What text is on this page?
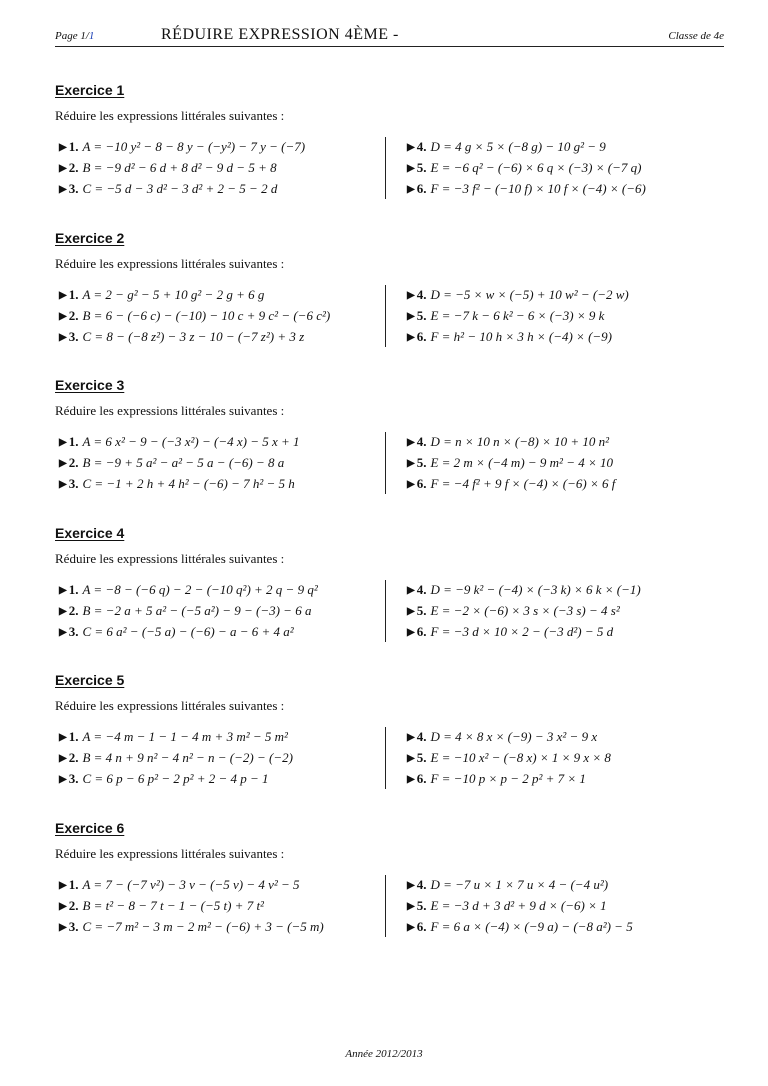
Page 1/1	RÉDUIRE EXPRESSION 4ÈME -	Classe de 4e
Exercice 1
Réduire les expressions littérales suivantes :
▶ 1. A = −10 y² − 8 − 8 y − (−y²) − 7 y − (−7)
▶ 2. B = −9 d² − 6 d + 8 d² − 9 d − 5 + 8
▶ 3. C = −5 d − 3 d² − 3 d² + 2 − 5 − 2 d
▶ 4. D = 4 g × 5 × (−8 g) − 10 g² − 9
▶ 5. E = −6 q² − (−6) × 6 q × (−3) × (−7 q)
▶ 6. F = −3 f² − (−10 f) × 10 f × (−4) × (−6)
Exercice 2
Réduire les expressions littérales suivantes :
▶ 1. A = 2 − g² − 5 + 10 g² − 2 g + 6 g
▶ 2. B = 6 − (−6 c) − (−10) − 10 c + 9 c² − (−6 c²)
▶ 3. C = 8 − (−8 z²) − 3 z − 10 − (−7 z²) + 3 z
▶ 4. D = −5 × w × (−5) + 10 w² − (−2 w)
▶ 5. E = −7 k − 6 k² − 6 × (−3) × 9 k
▶ 6. F = h² − 10 h × 3 h × (−4) × (−9)
Exercice 3
Réduire les expressions littérales suivantes :
▶ 1. A = 6 x² − 9 − (−3 x²) − (−4 x) − 5 x + 1
▶ 2. B = −9 + 5 a² − a² − 5 a − (−6) − 8 a
▶ 3. C = −1 + 2 h + 4 h² − (−6) − 7 h² − 5 h
▶ 4. D = n × 10 n × (−8) × 10 + 10 n²
▶ 5. E = 2 m × (−4 m) − 9 m² − 4 × 10
▶ 6. F = −4 f² + 9 f × (−4) × (−6) × 6 f
Exercice 4
Réduire les expressions littérales suivantes :
▶ 1. A = −8 − (−6 q) − 2 − (−10 q²) + 2 q − 9 q²
▶ 2. B = −2 a + 5 a² − (−5 a²) − 9 − (−3) − 6 a
▶ 3. C = 6 a² − (−5 a) − (−6) − a − 6 + 4 a²
▶ 4. D = −9 k² − (−4) × (−3 k) × 6 k × (−1)
▶ 5. E = −2 × (−6) × 3 s × (−3 s) − 4 s²
▶ 6. F = −3 d × 10 × 2 − (−3 d²) − 5 d
Exercice 5
Réduire les expressions littérales suivantes :
▶ 1. A = −4 m − 1 − 1 − 4 m + 3 m² − 5 m²
▶ 2. B = 4 n + 9 n² − 4 n² − n − (−2) − (−2)
▶ 3. C = 6 p − 6 p² − 2 p² + 2 − 4 p − 1
▶ 4. D = 4 × 8 x × (−9) − 3 x² − 9 x
▶ 5. E = −10 x² − (−8 x) × 1 × 9 x × 8
▶ 6. F = −10 p × p − 2 p² + 7 × 1
Exercice 6
Réduire les expressions littérales suivantes :
▶ 1. A = 7 − (−7 v²) − 3 v − (−5 v) − 4 v² − 5
▶ 2. B = t² − 8 − 7 t − 1 − (−5 t) + 7 t²
▶ 3. C = −7 m² − 3 m − 2 m² − (−6) + 3 − (−5 m)
▶ 4. D = −7 u × 1 × 7 u × 4 − (−4 u²)
▶ 5. E = −3 d + 3 d² + 9 d × (−6) × 1
▶ 6. F = 6 a × (−4) × (−9 a) − (−8 a²) − 5
Année 2012/2013
